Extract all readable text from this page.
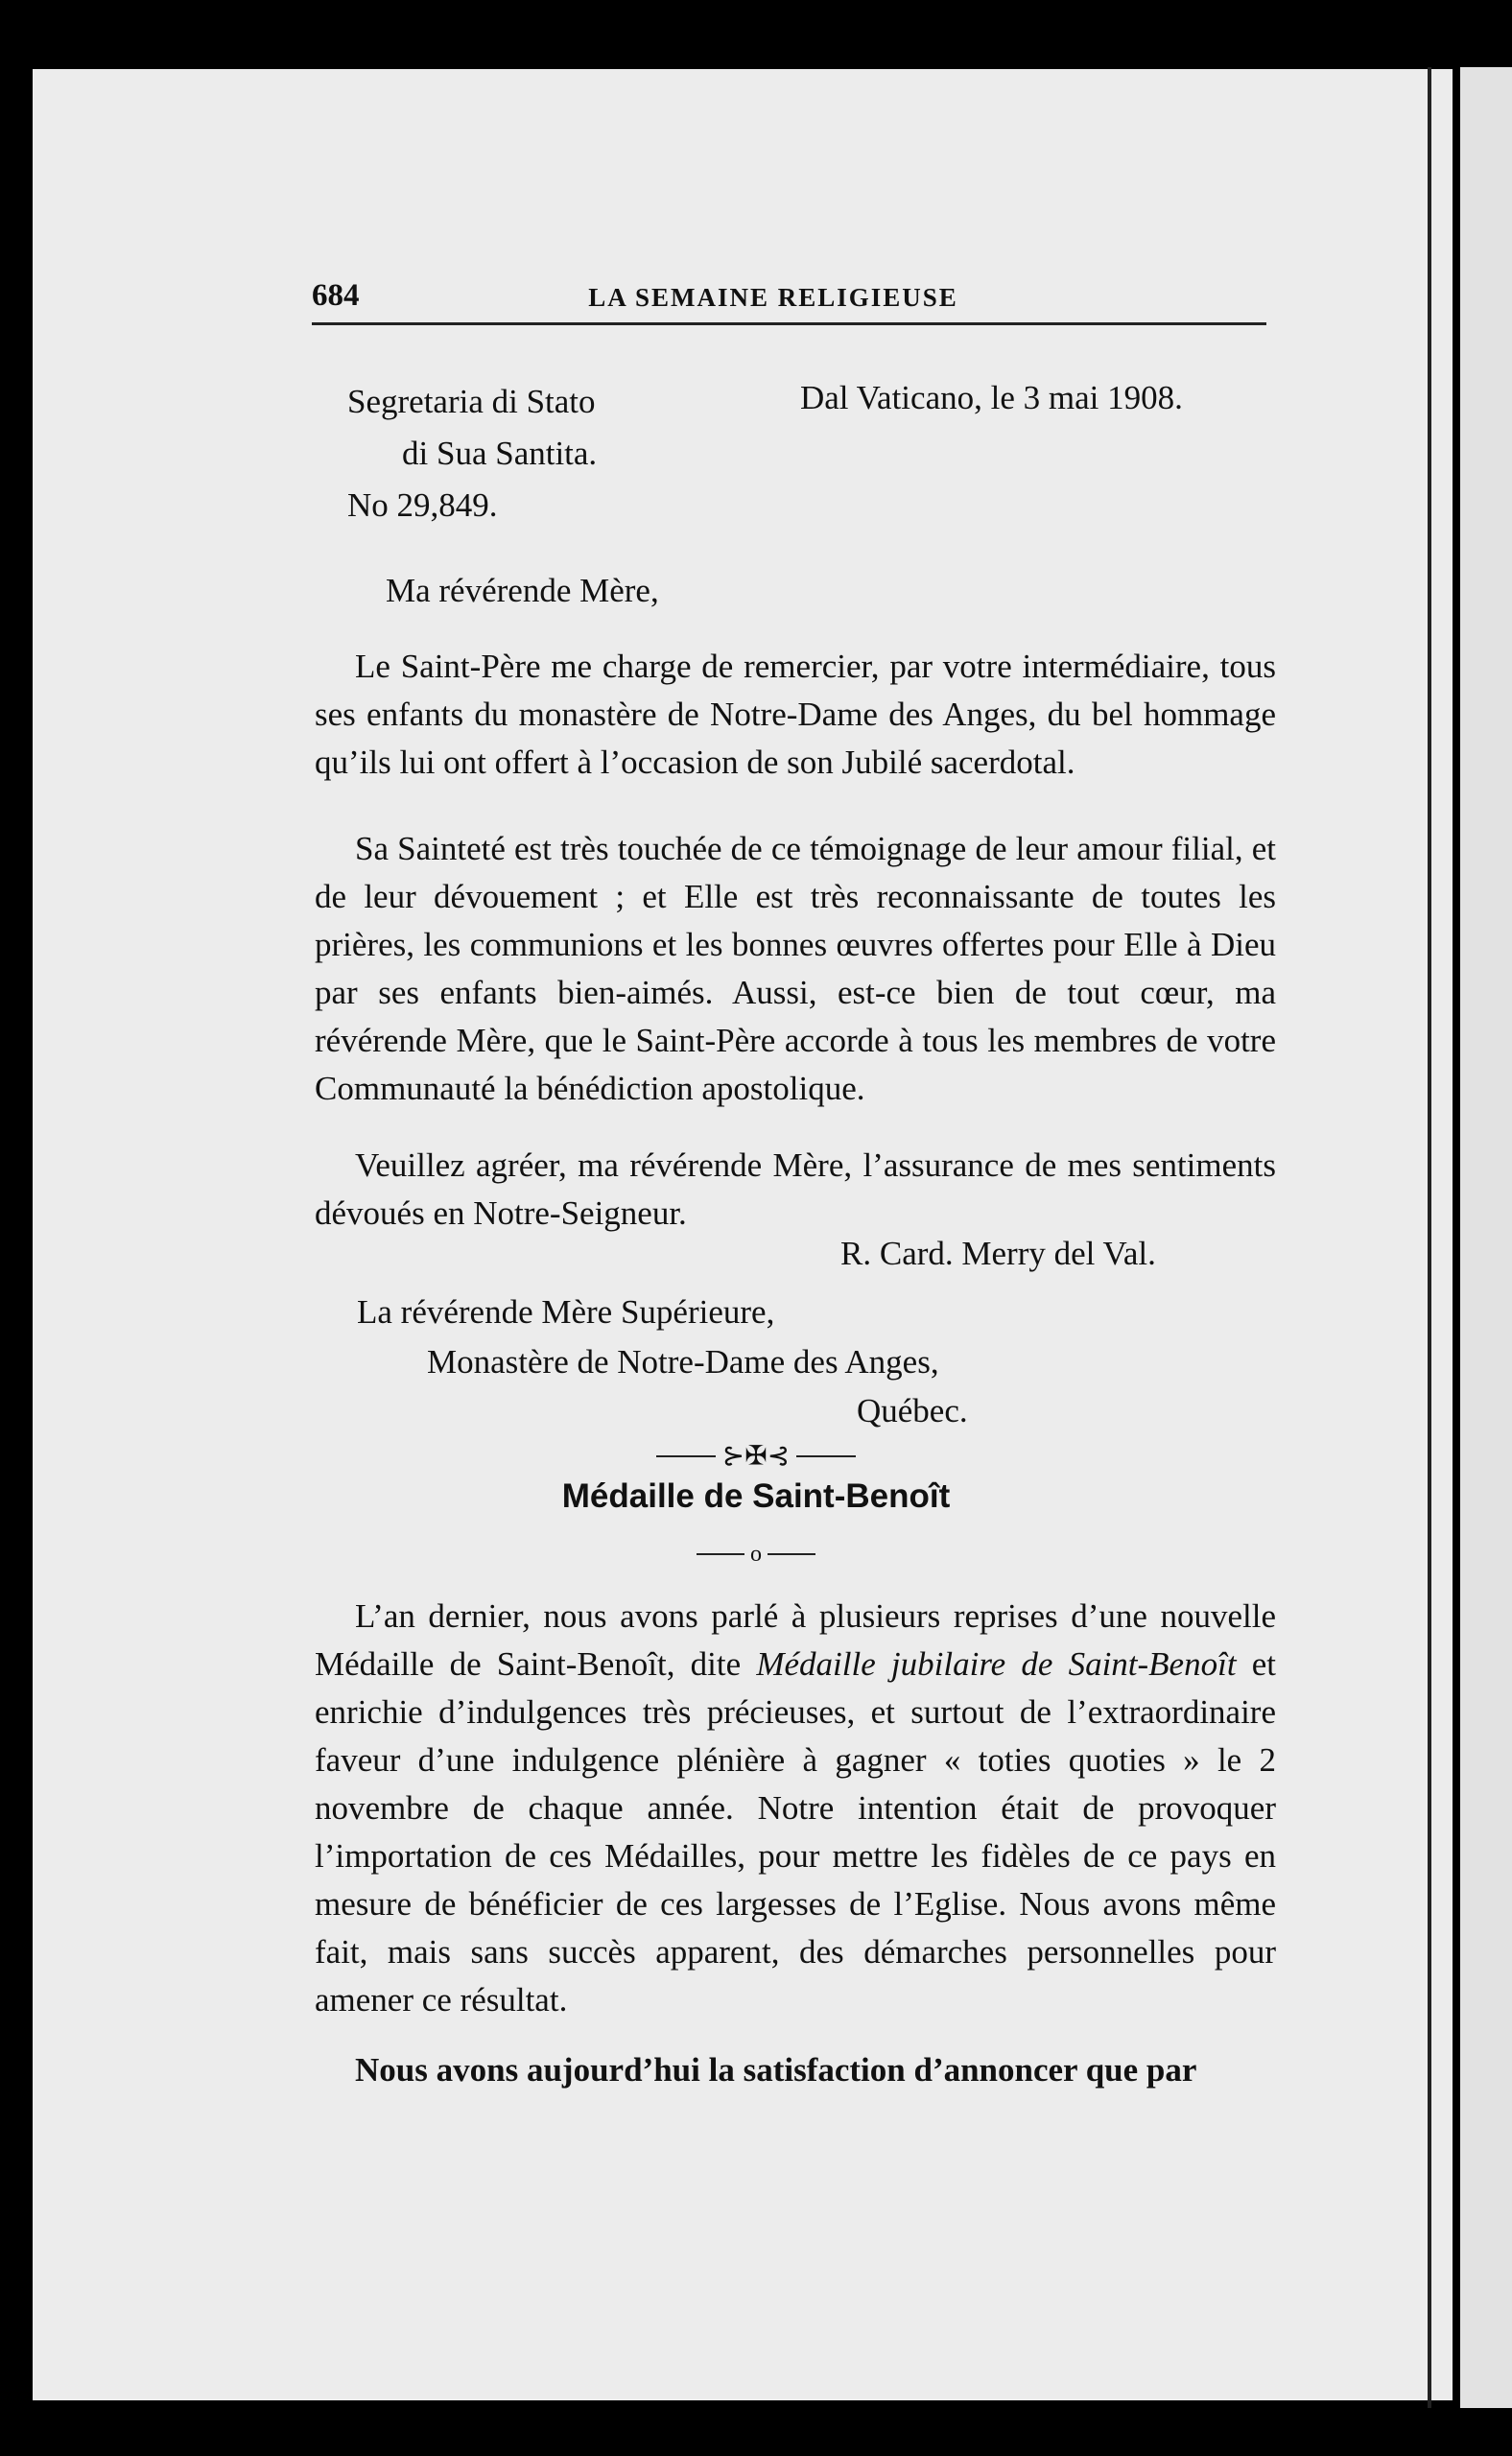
684	LA SEMAINE RELIGIEUSE
Segretaria di Stato
di Sua Santita.
No 29,849.
Dal Vaticano, le 3 mai 1908.
Ma révérende Mère,
Le Saint-Père me charge de remercier, par votre intermédiaire, tous ses enfants du monastère de Notre-Dame des Anges, du bel hommage qu’ils lui ont offert à l’occasion de son Jubilé sacerdotal.
Sa Sainteté est très touchée de ce témoignage de leur amour filial, et de leur dévouement ; et Elle est très reconnaissante de toutes les prières, les communions et les bonnes œuvres offertes pour Elle à Dieu par ses enfants bien-aimés. Aussi, est-ce bien de tout cœur, ma révérende Mère, que le Saint-Père accorde à tous les membres de votre Communauté la bénédiction apostolique.
Veuillez agréer, ma révérende Mère, l’assurance de mes sentiments dévoués en Notre-Seigneur.
R. Card. Merry del Val.
La révérende Mère Supérieure,
Monastère de Notre-Dame des Anges,
Québec.
⊱✠⊰
Médaille de Saint-Benoît
o
L’an dernier, nous avons parlé à plusieurs reprises d’une nouvelle Médaille de Saint-Benoît, dite Médaille jubilaire de Saint-Benoît et enrichie d’indulgences très précieuses, et surtout de l’extraordinaire faveur d’une indulgence plénière à gagner « toties quoties » le 2 novembre de chaque année. Notre intention était de provoquer l’importation de ces Médailles, pour mettre les fidèles de ce pays en mesure de bénéficier de ces largesses de l’Eglise. Nous avons même fait, mais sans succès apparent, des démarches personnelles pour amener ce résultat.
Nous avons aujourd’hui la satisfaction d’annoncer que par
